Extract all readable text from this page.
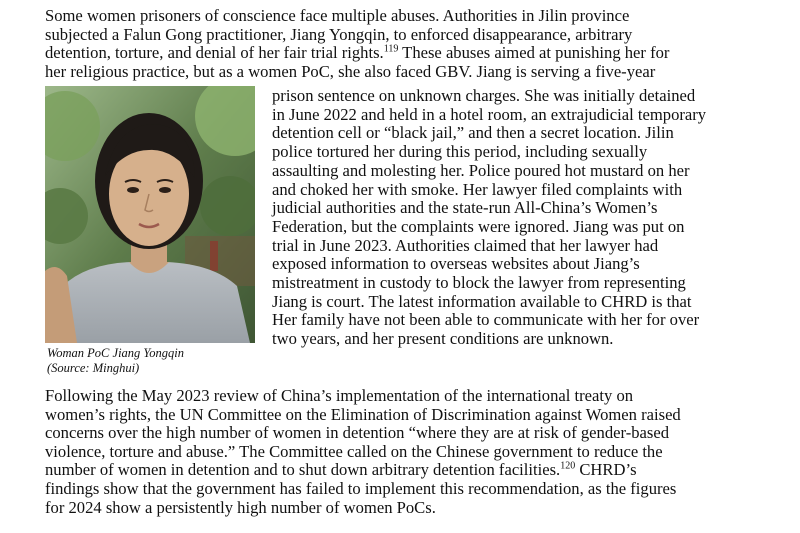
Some women prisoners of conscience face multiple abuses. Authorities in Jilin province
subjected a Falun Gong practitioner, Jiang Yongqin, to enforced disappearance, arbitrary
detention, torture, and denial of her fair trial rights.$^{119}$ These abuses aimed at punishing her for
her religious practice, but as a women PoC, she also faced GBV. Jiang is serving a five-year

Woman PoC Jiang Yongqin
(Source: Minghui)

prison sentence on unknown charges. She was initially detained
in June 2022 and held in a hotel room, an extrajudicial temporary
detention cell or “black jail,” and then a secret location. Jilin
police tortured her during this period, including sexually
assaulting and molesting her. Police poured hot mustard on her
and choked her with smoke. Her lawyer filed complaints with
judicial authorities and the state-run All-China’s Women’s
Federation, but the complaints were ignored. Jiang was put on
trial in June 2023. Authorities claimed that her lawyer had
exposed information to overseas websites about Jiang’s
mistreatment in custody to block the lawyer from representing
Jiang is court. The latest information available to CHRD is that
Her family have not been able to communicate with her for over
two years, and her present conditions are unknown.

Following the May 2023 review of China’s implementation of the international treaty on
women’s rights, the UN Committee on the Elimination of Discrimination against Women raised
concerns over the high number of women in detention “where they are at risk of gender-based
violence, torture and abuse.” The Committee called on the Chinese government to reduce the
number of women in detention and to shut down arbitrary detention facilities.$^{120}$ CHRD’s
findings show that the government has failed to implement this recommendation, as the figures
for 2024 show a persistently high number of women PoCs.
